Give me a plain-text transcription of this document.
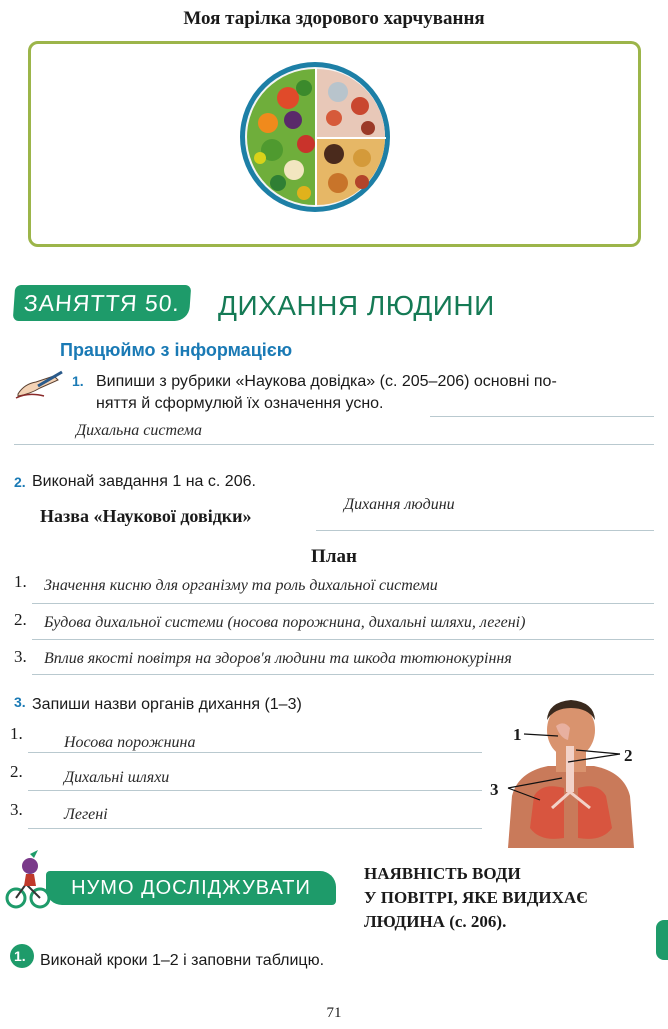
Моя тарілка здорового харчування
ЗАНЯТТЯ 50.	ДИХАННЯ ЛЮДИНИ
Працюймо з інформацією
1. Випиши з рубрики «Наукова довідка» (с. 205–206) основні по-
няття й сформулюй їх означення усно.
Дихальна система
2. Виконай завдання 1 на с. 206.
Назва «Наукової довідки»
Дихання людини
План
1. Значення кисню для організму та роль дихальної системи
2. Будова дихальної системи (носова порожнина, дихальні шляхи, легені)
3. Вплив якості повітря на здоров'я людини та шкода тютюнокуріння
3. Запиши назви органів дихання (1–3)
1.	Носова порожнина
2.	Дихальні шляхи
3.	Легені
1
2
3
НУМО ДОСЛІДЖУВАТИ
НАЯВНІСТЬ ВОДИ
У ПОВІТРІ, ЯКЕ ВИДИХАЄ
ЛЮДИНА (с. 206).
1. Виконай кроки 1–2 і заповни таблицю.
71
